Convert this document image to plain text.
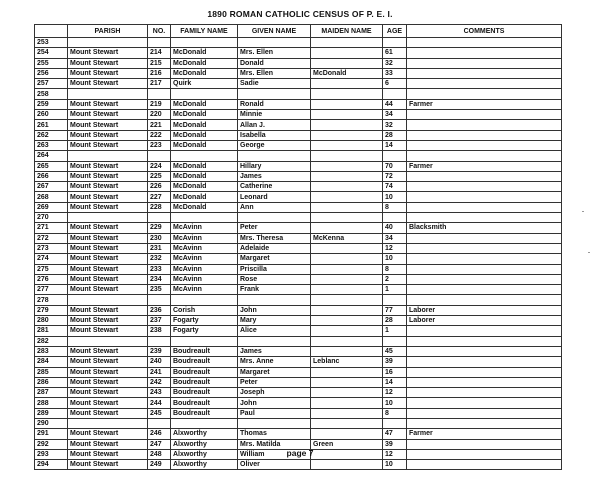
1890 ROMAN CATHOLIC CENSUS OF P. E. I.
	PARISH	NO.	FAMILY NAME	GIVEN NAME	MAIDEN NAME	AGE	COMMENTS
253							
254	Mount Stewart	214	McDonald	Mrs. Ellen		61	
255	Mount Stewart	215	McDonald	Donald		32	
256	Mount Stewart	216	McDonald	Mrs. Ellen	McDonald	33	
257	Mount Stewart	217	Quirk	Sadie		6	
258							
259	Mount Stewart	219	McDonald	Ronald		44	Farmer
260	Mount Stewart	220	McDonald	Minnie		34	
261	Mount Stewart	221	McDonald	Allan J.		32	
262	Mount Stewart	222	McDonald	Isabella		28	
263	Mount Stewart	223	McDonald	George		14	
264							
265	Mount Stewart	224	McDonald	Hillary		70	Farmer
266	Mount Stewart	225	McDonald	James		72	
267	Mount Stewart	226	McDonald	Catherine		74	
268	Mount Stewart	227	McDonald	Leonard		10	
269	Mount Stewart	228	McDonald	Ann		8	
270							
271	Mount Stewart	229	McAvinn	Peter		40	Blacksmith
272	Mount Stewart	230	McAvinn	Mrs. Theresa	McKenna	34	
273	Mount Stewart	231	McAvinn	Adelaide		12	
274	Mount Stewart	232	McAvinn	Margaret		10	
275	Mount Stewart	233	McAvinn	Priscilla		8	
276	Mount Stewart	234	McAvinn	Rose		2	
277	Mount Stewart	235	McAvinn	Frank		1	
278							
279	Mount Stewart	236	Corish	John		77	Laborer
280	Mount Stewart	237	Fogarty	Mary		28	Laborer
281	Mount Stewart	238	Fogarty	Alice		1	
282							
283	Mount Stewart	239	Boudreault	James		45	
284	Mount Stewart	240	Boudreault	Mrs. Anne	Leblanc	39	
285	Mount Stewart	241	Boudreault	Margaret		16	
286	Mount Stewart	242	Boudreault	Peter		14	
287	Mount Stewart	243	Boudreault	Joseph		12	
288	Mount Stewart	244	Boudreault	John		10	
289	Mount Stewart	245	Boudreault	Paul		8	
290							
291	Mount Stewart	246	Alxworthy	Thomas		47	Farmer
292	Mount Stewart	247	Alxworthy	Mrs. Matilda	Green	39	
293	Mount Stewart	248	Alxworthy	William		12	
294	Mount Stewart	249	Alxworthy	Oliver		10	
page 7
